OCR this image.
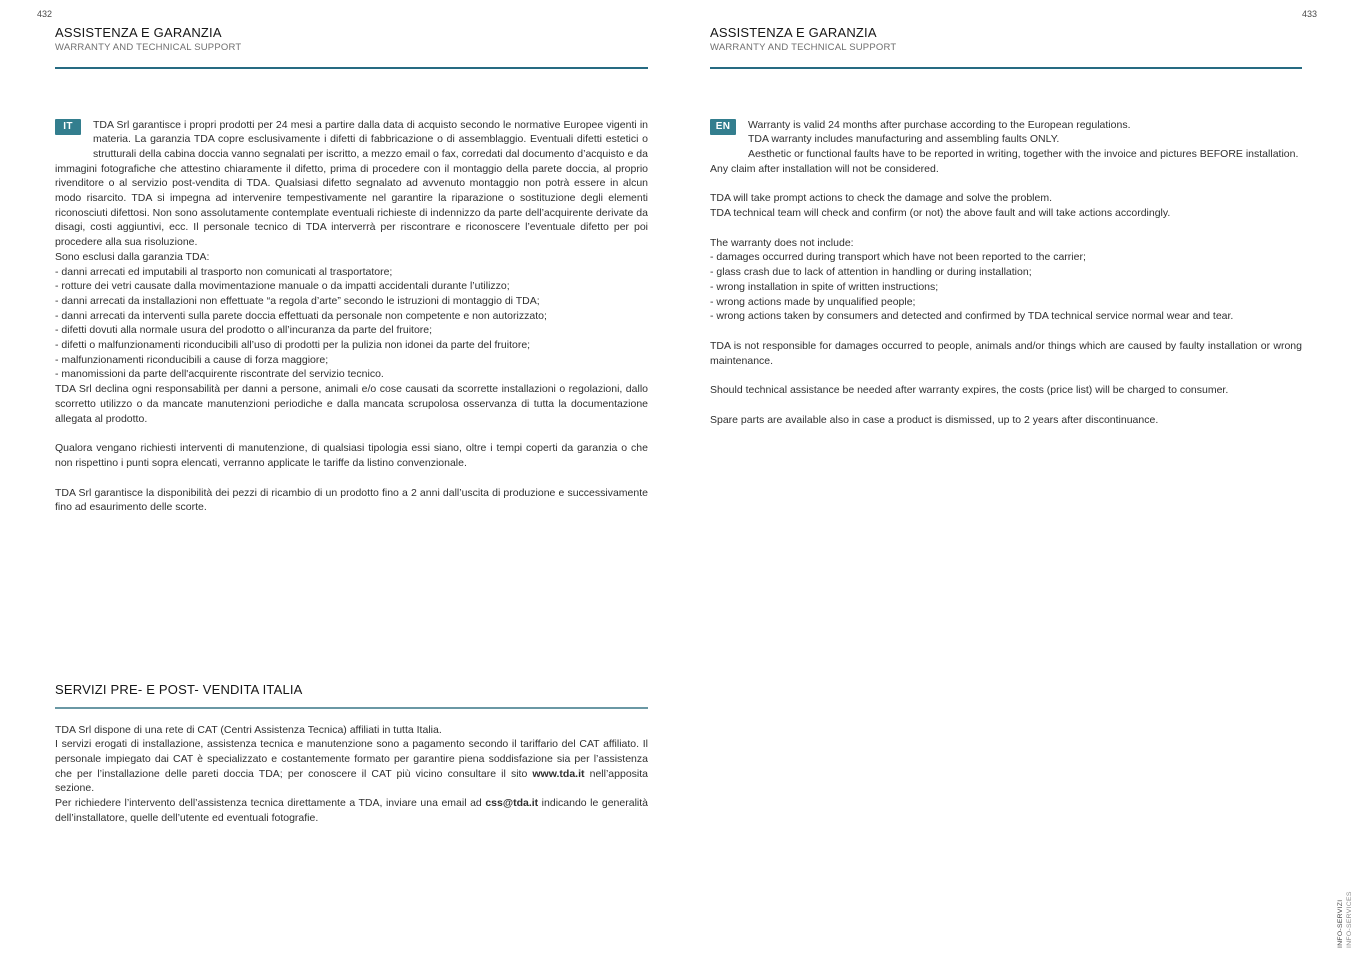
432	433
ASSISTENZA E GARANZIA
WARRANTY AND TECHNICAL SUPPORT

IT	TDA Srl garantisce i propri prodotti per 24 mesi a partire dalla data di acquisto secondo le normative Europee vigenti in materia. La garanzia TDA copre esclusivamente i difetti di fabbricazione o di assemblaggio. Eventuali difetti estetici o strutturali della cabina doccia vanno segnalati per iscritto, a mezzo email o fax, corredati dal documento d’acquisto e da immagini fotografiche che attestino chiaramente il difetto, prima di procedere con il montaggio della parete doccia, al proprio rivenditore o al servizio post-vendita di TDA. Qualsiasi difetto segnalato ad avvenuto montaggio non potrà essere in alcun modo risarcito. TDA si impegna ad intervenire tempestivamente nel garantire la riparazione o sostituzione degli elementi riconosciuti difettosi. Non sono assolutamente contemplate eventuali richieste di indennizzo da parte dell’acquirente derivate da disagi, costi aggiuntivi, ecc. Il personale tecnico di TDA interverrà per riscontrare e riconoscere l’eventuale difetto per poi procedere alla sua risoluzione.

Sono esclusi dalla garanzia TDA:
- danni arrecati ed imputabili al trasporto non comunicati al trasportatore;
- rotture dei vetri causate dalla movimentazione manuale o da impatti accidentali durante l’utilizzo;
- danni arrecati da installazioni non effettuate “a regola d’arte” secondo le istruzioni di montaggio di TDA;
- danni arrecati da interventi sulla parete doccia effettuati da personale non competente e non autorizzato;
- difetti dovuti alla normale usura del prodotto o all’incuranza da parte del fruitore;
- difetti o malfunzionamenti riconducibili all’uso di prodotti per la pulizia non idonei da parte del fruitore;
- malfunzionamenti riconducibili a cause di forza maggiore;
- manomissioni da parte dell'acquirente riscontrate del servizio tecnico.

TDA Srl declina ogni responsabilità per danni a persone, animali e/o cose causati da scorrette installazioni o regolazioni, dallo scorretto utilizzo o da mancate manutenzioni periodiche e dalla mancata scrupolosa osservanza di tutta la documentazione allegata al prodotto.

Qualora vengano richiesti interventi di manutenzione, di qualsiasi tipologia essi siano, oltre i tempi coperti da garanzia o che non rispettino i punti sopra elencati, verranno applicate le tariffe da listino convenzionale.

TDA Srl garantisce la disponibilità dei pezzi di ricambio di un prodotto fino a 2 anni dall’uscita di produzione e successivamente fino ad esaurimento delle scorte.

SERVIZI PRE- E POST- VENDITA ITALIA
TDA Srl dispone di una rete di CAT (Centri Assistenza Tecnica) affiliati in tutta Italia.

I servizi erogati di installazione, assistenza tecnica e manutenzione sono a pagamento secondo il tariffario del CAT affiliato. Il personale impiegato dai CAT è specializzato e costantemente formato per garantire piena soddisfazione sia per l’assistenza che per l’installazione delle pareti doccia TDA; per conoscere il CAT più vicino consultare il sito www.tda.it nell’apposita sezione.

Per richiedere l’intervento dell’assistenza tecnica direttamente a TDA, inviare una email ad css@tda.it indicando le generalità dell’installatore, quelle dell’utente ed eventuali fotografie.

ASSISTENZA E GARANZIA
WARRANTY AND TECHNICAL SUPPORT
EN	Warranty is valid 24 months after purchase according to the European regulations.
TDA warranty includes manufacturing and assembling faults ONLY.
Aesthetic or functional faults have to be reported in writing, together with the invoice and pictures BEFORE installation.
Any claim after installation will not be considered.
TDA will take prompt actions to check the damage and solve the problem.
TDA technical team will check and confirm (or not) the above fault and will take actions accordingly.
The warranty does not include:
- damages occurred during transport which have not been reported to the carrier;
- glass crash due to lack of attention in handling or during installation;
- wrong installation in spite of written instructions;
- wrong actions made by unqualified people;
- wrong actions taken by consumers and detected and confirmed by TDA technical service normal wear and tear.

TDA is not responsible for damages occurred to people, animals and/or things which are caused by faulty installation or wrong maintenance.

Should technical assistance be needed after warranty expires, the costs (price list) will be charged to consumer.

Spare parts are available also in case a product is dismissed, up to 2 years after discontinuance.

INFO-SERVIZI INFO-SERVICES
